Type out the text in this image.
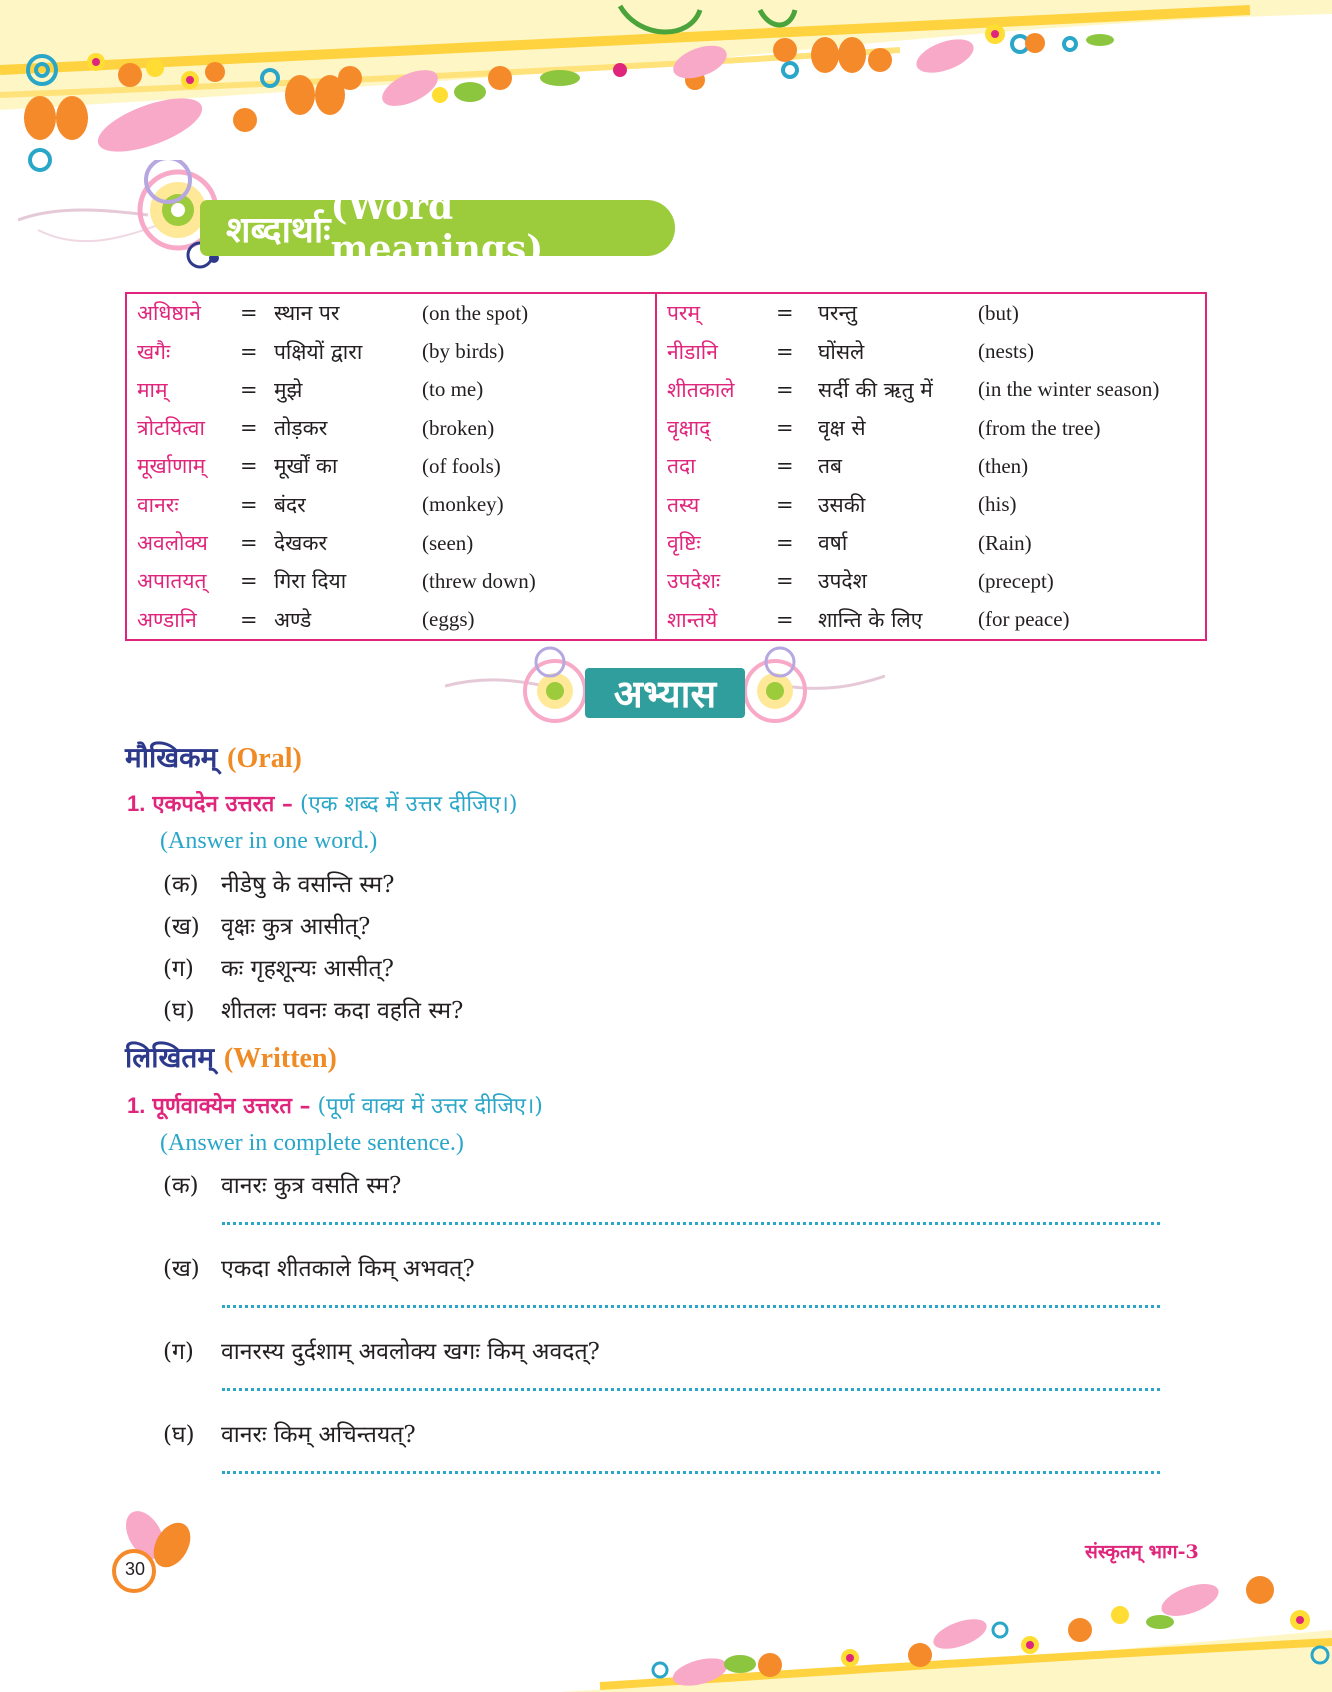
शब्दार्थाः
(Word meanings)
अधिष्ठाने	=	स्थान पर	(on the spot)	परम्	=	परन्तु	(but)
खगैः	=	पक्षियों द्वारा	(by birds)	नीडानि	=	घोंसले	(nests)
माम्	=	मुझे	(to me)	शीतकाले	=	सर्दी की ऋतु में	(in the winter season)
त्रोटयित्वा	=	तोड़कर	(broken)	वृक्षाद्	=	वृक्ष से	(from the tree)
मूर्खाणाम्	=	मूर्खों का	(of fools)	तदा	=	तब	(then)
वानरः	=	बंदर	(monkey)	तस्य	=	उसकी	(his)
अवलोक्य	=	देखकर	(seen)	वृष्टिः	=	वर्षा	(Rain)
अपातयत्	=	गिरा दिया	(threw down)	उपदेशः	=	उपदेश	(precept)
अण्डानि	=	अण्डे	(eggs)	शान्तये	=	शान्ति के लिए	(for peace)
अभ्यास
मौखिकम् (Oral)
1. एकपदेन उत्तरत – (एक शब्द में उत्तर दीजिए।)
(Answer in one word.)
(क) नीडेषु के वसन्ति स्म?
(ख) वृक्षः कुत्र आसीत्?
(ग) कः गृहशून्यः आसीत्?
(घ) शीतलः पवनः कदा वहति स्म?
लिखितम् (Written)
1. पूर्णवाक्येन उत्तरत – (पूर्ण वाक्य में उत्तर दीजिए।)
(Answer in complete sentence.)
(क) वानरः कुत्र वसति स्म?
(ख) एकदा शीतकाले किम् अभवत्?
(ग) वानरस्य दुर्दशाम् अवलोक्य खगः किम् अवदत्?
(घ) वानरः किम् अचिन्तयत्?
30
संस्कृतम् भाग-3
